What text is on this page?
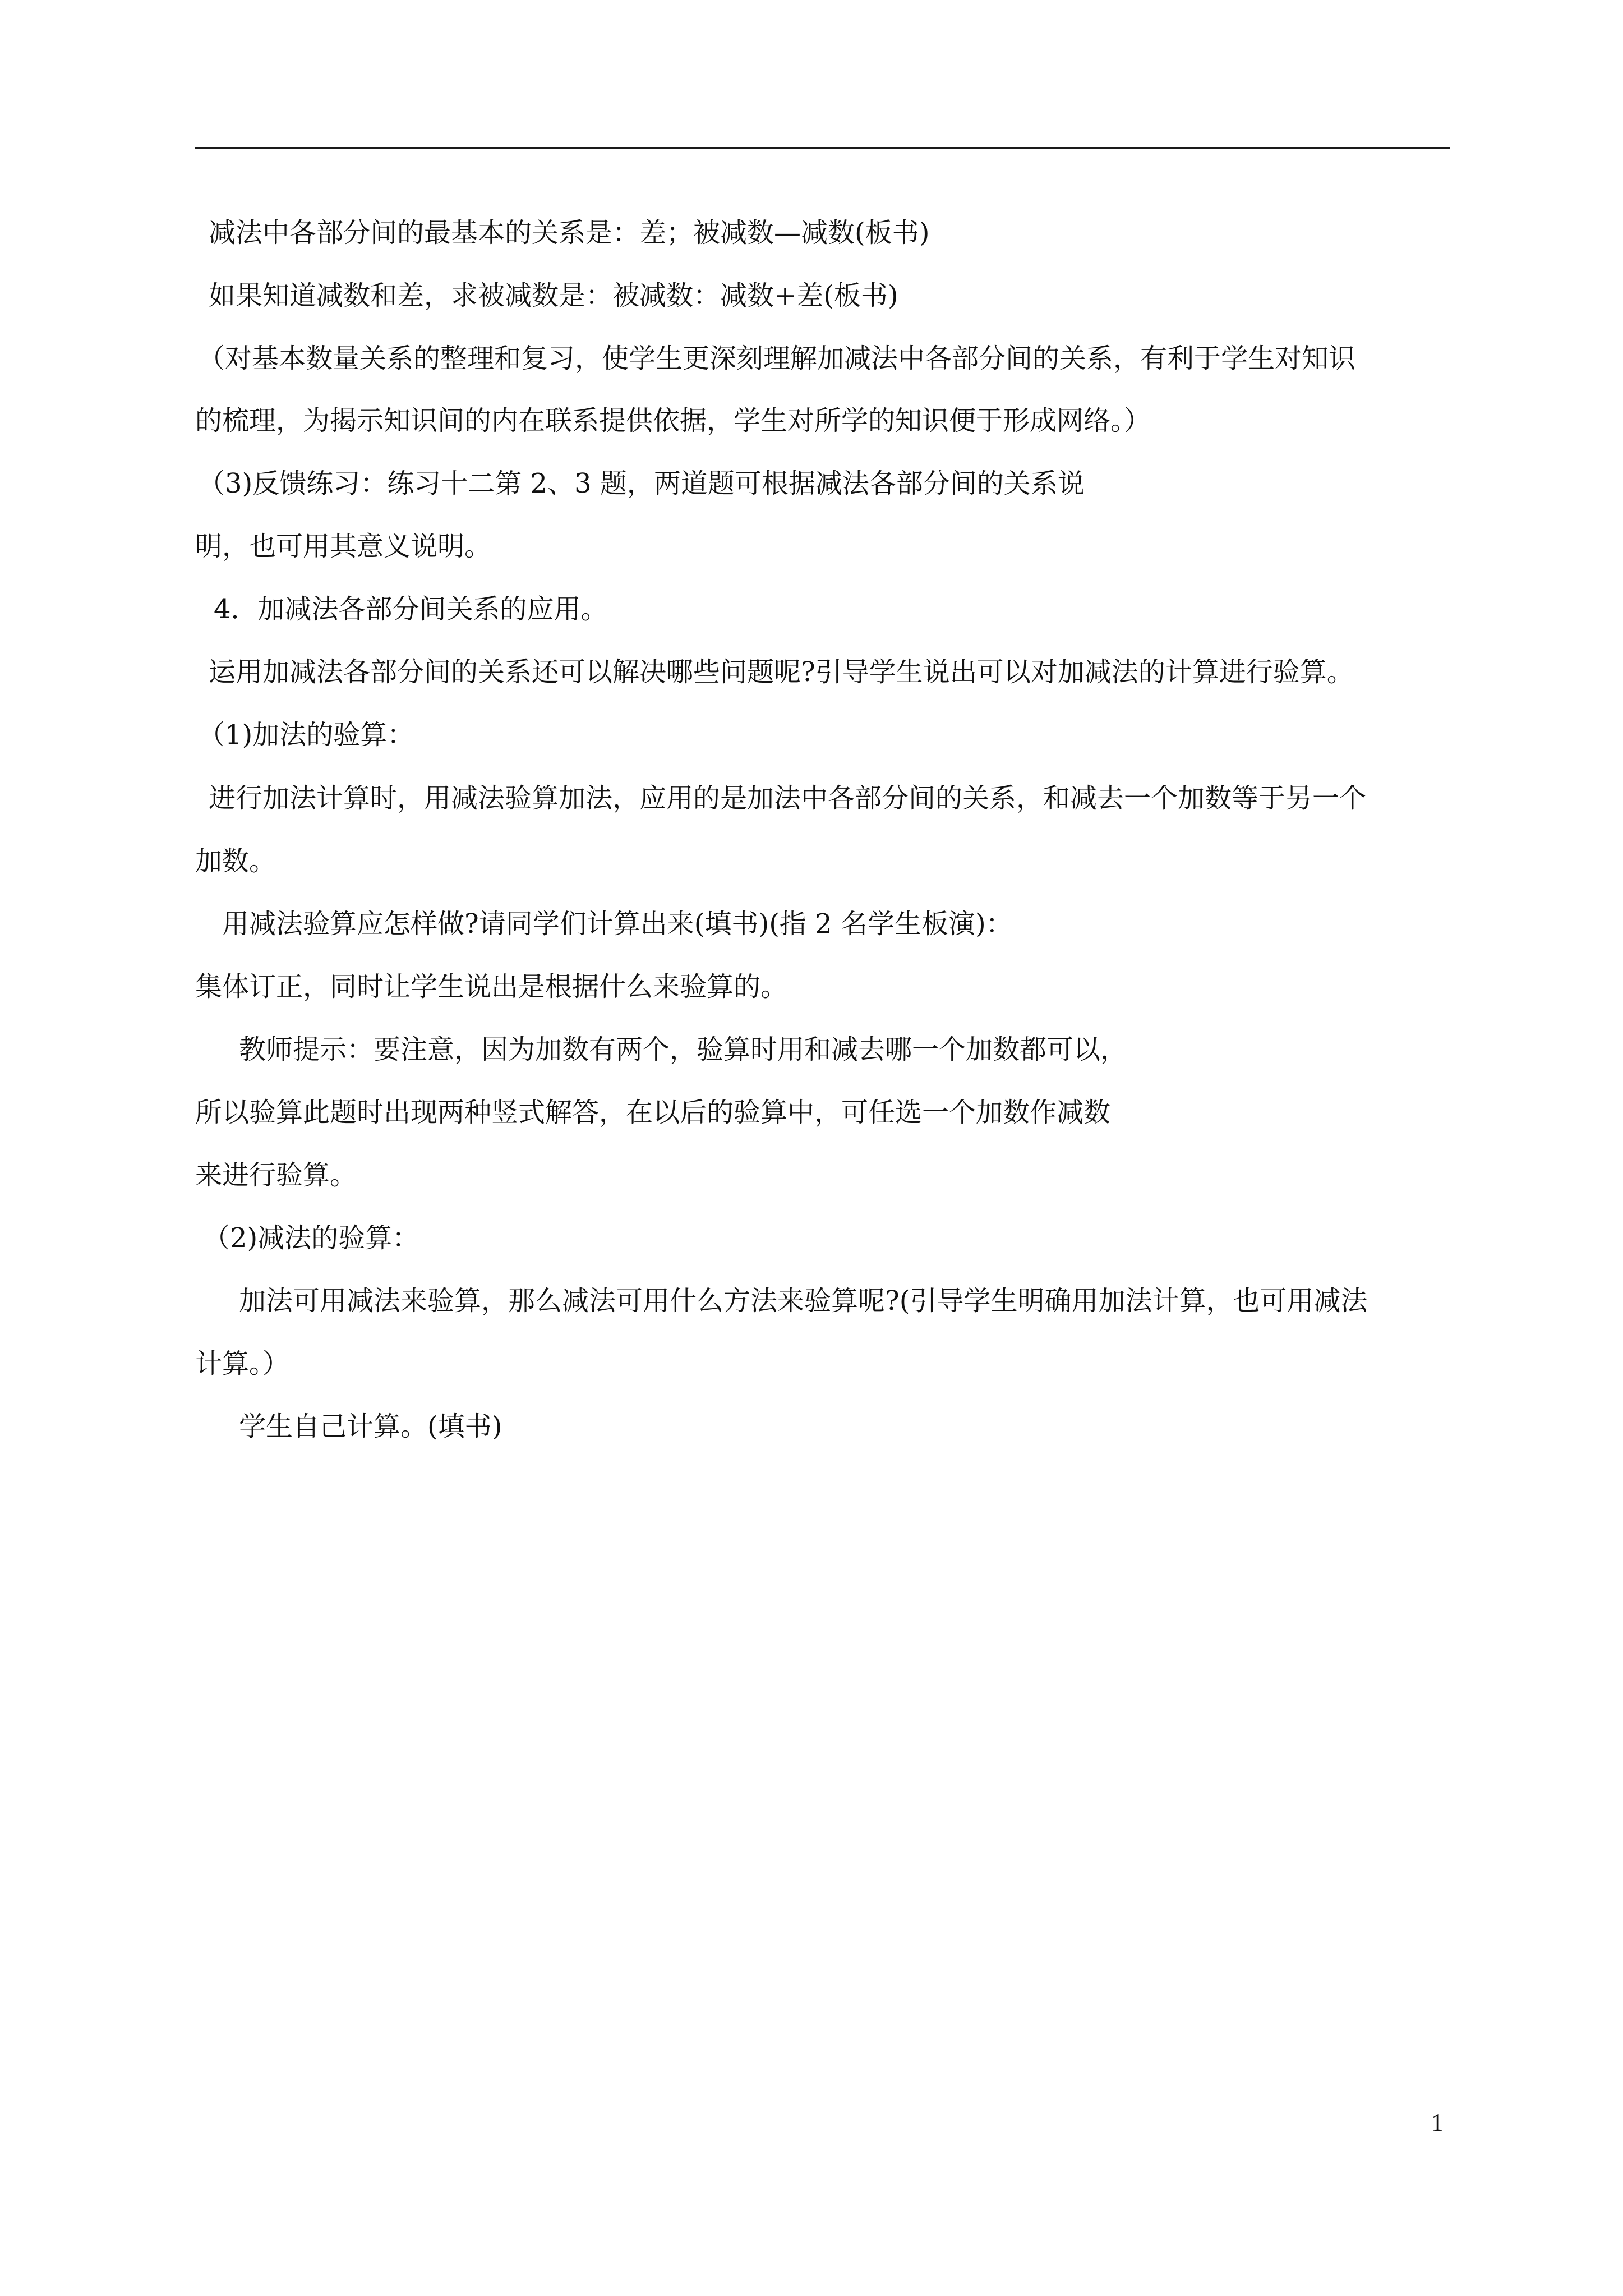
减法中各部分间的最基本的关系是：差；被减数—减数(板书)
如果知道减数和差，求被减数是：被减数：减数+差(板书)
（对基本数量关系的整理和复习，使学生更深刻理解加减法中各部分间的关系，有利于学生对知识
的梳理，为揭示知识间的内在联系提供依据，学生对所学的知识便于形成网络。）
（3)反馈练习：练习十二第 2、3 题，两道题可根据减法各部分间的关系说
明，也可用其意义说明。
4．加减法各部分间关系的应用。
运用加减法各部分间的关系还可以解决哪些问题呢?引导学生说出可以对加减法的计算进行验算。
（1)加法的验算：
进行加法计算时，用减法验算加法，应用的是加法中各部分间的关系，和减去一个加数等于另一个
加数。
用减法验算应怎样做?请同学们计算出来(填书)(指 2 名学生板演)：
集体订正，同时让学生说出是根据什么来验算的。
教师提示：要注意，因为加数有两个，验算时用和减去哪一个加数都可以，
所以验算此题时出现两种竖式解答，在以后的验算中，可任选一个加数作减数
来进行验算。
（2)减法的验算：
加法可用减法来验算，那么减法可用什么方法来验算呢?(引导学生明确用加法计算，也可用减法
计算。）
学生自己计算。(填书)
1
